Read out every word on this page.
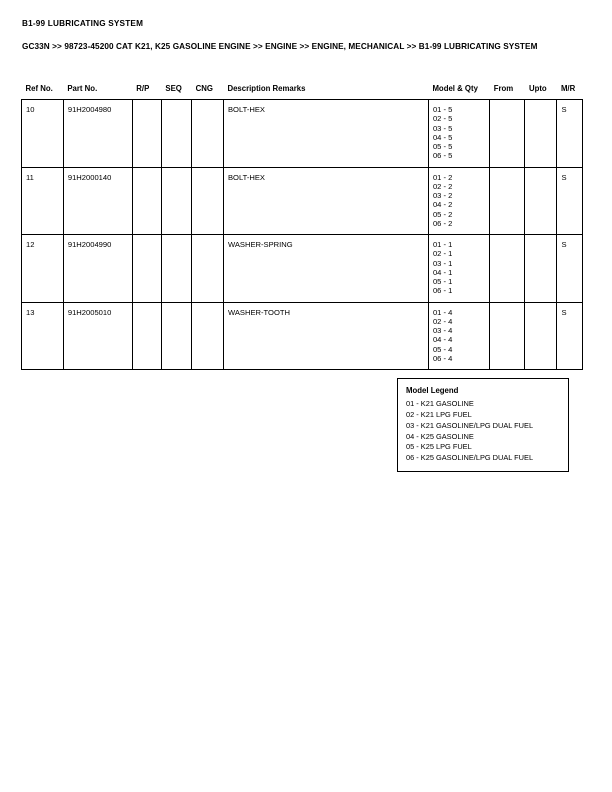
B1-99 LUBRICATING SYSTEM
GC33N >> 98723-45200 CAT K21, K25 GASOLINE ENGINE >> ENGINE >> ENGINE, MECHANICAL >> B1-99 LUBRICATING SYSTEM
Ref No.	Part No.	R/P	SEQ	CNG	Description Remarks	Model & Qty	From	Upto	M/R
10	91H2004980				BOLT-HEX	01 - 5
02 - 5
03 - 5
04 - 5
05 - 5
06 - 5
			S
11	91H2000140				BOLT-HEX	01 - 2
02 - 2
03 - 2
04 - 2
05 - 2
06 - 2
			S
12	91H2004990				WASHER-SPRING	01 - 1
02 - 1
03 - 1
04 - 1
05 - 1
06 - 1
			S
13	91H2005010				WASHER-TOOTH	01 - 4
02 - 4
03 - 4
04 - 4
05 - 4
06 - 4
			S

Model Legend
01 - K21 GASOLINE
02 - K21 LPG FUEL
03 - K21 GASOLINE/LPG DUAL FUEL
04 - K25 GASOLINE
05 - K25 LPG FUEL
06 - K25 GASOLINE/LPG DUAL FUEL
